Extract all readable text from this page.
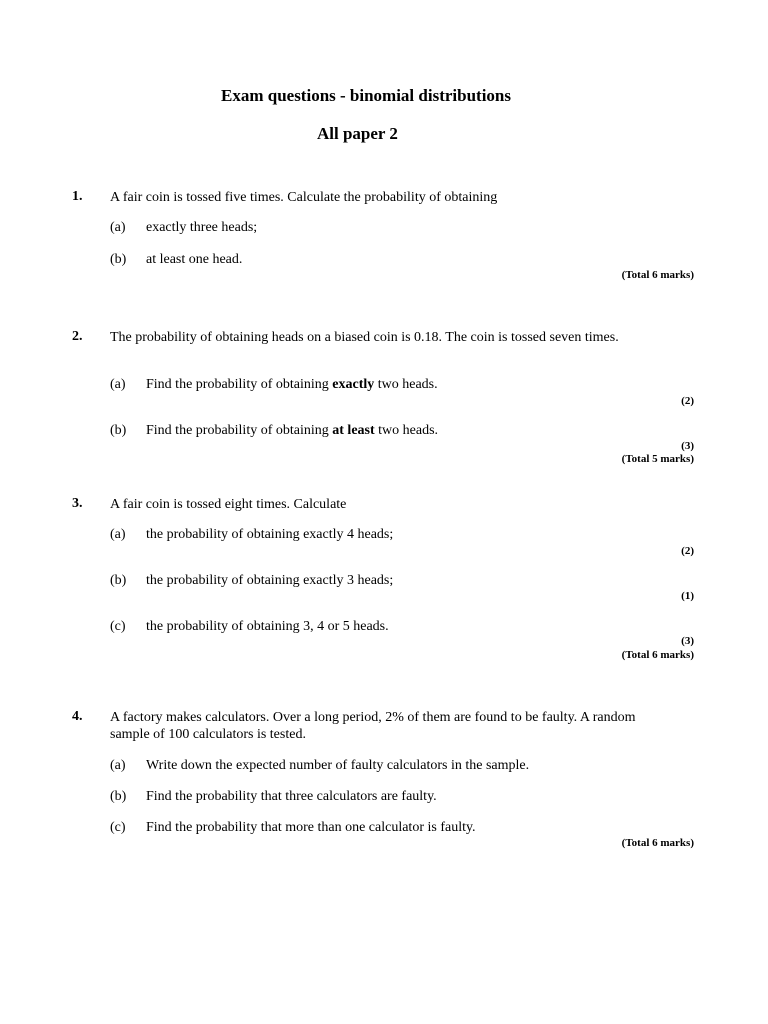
Exam questions - binomial distributions
All paper 2
1. A fair coin is tossed five times. Calculate the probability of obtaining
(a) exactly three heads;
(b) at least one head.
(Total 6 marks)
2. The probability of obtaining heads on a biased coin is 0.18. The coin is tossed seven times.
(a) Find the probability of obtaining exactly two heads.
(2)
(b) Find the probability of obtaining at least two heads.
(3)
(Total 5 marks)
3. A fair coin is tossed eight times. Calculate
(a) the probability of obtaining exactly 4 heads;
(2)
(b) the probability of obtaining exactly 3 heads;
(1)
(c) the probability of obtaining 3, 4 or 5 heads.
(3)
(Total 6 marks)
4. A factory makes calculators. Over a long period, 2% of them are found to be faulty. A random sample of 100 calculators is tested.
(a) Write down the expected number of faulty calculators in the sample.
(b) Find the probability that three calculators are faulty.
(c) Find the probability that more than one calculator is faulty.
(Total 6 marks)
